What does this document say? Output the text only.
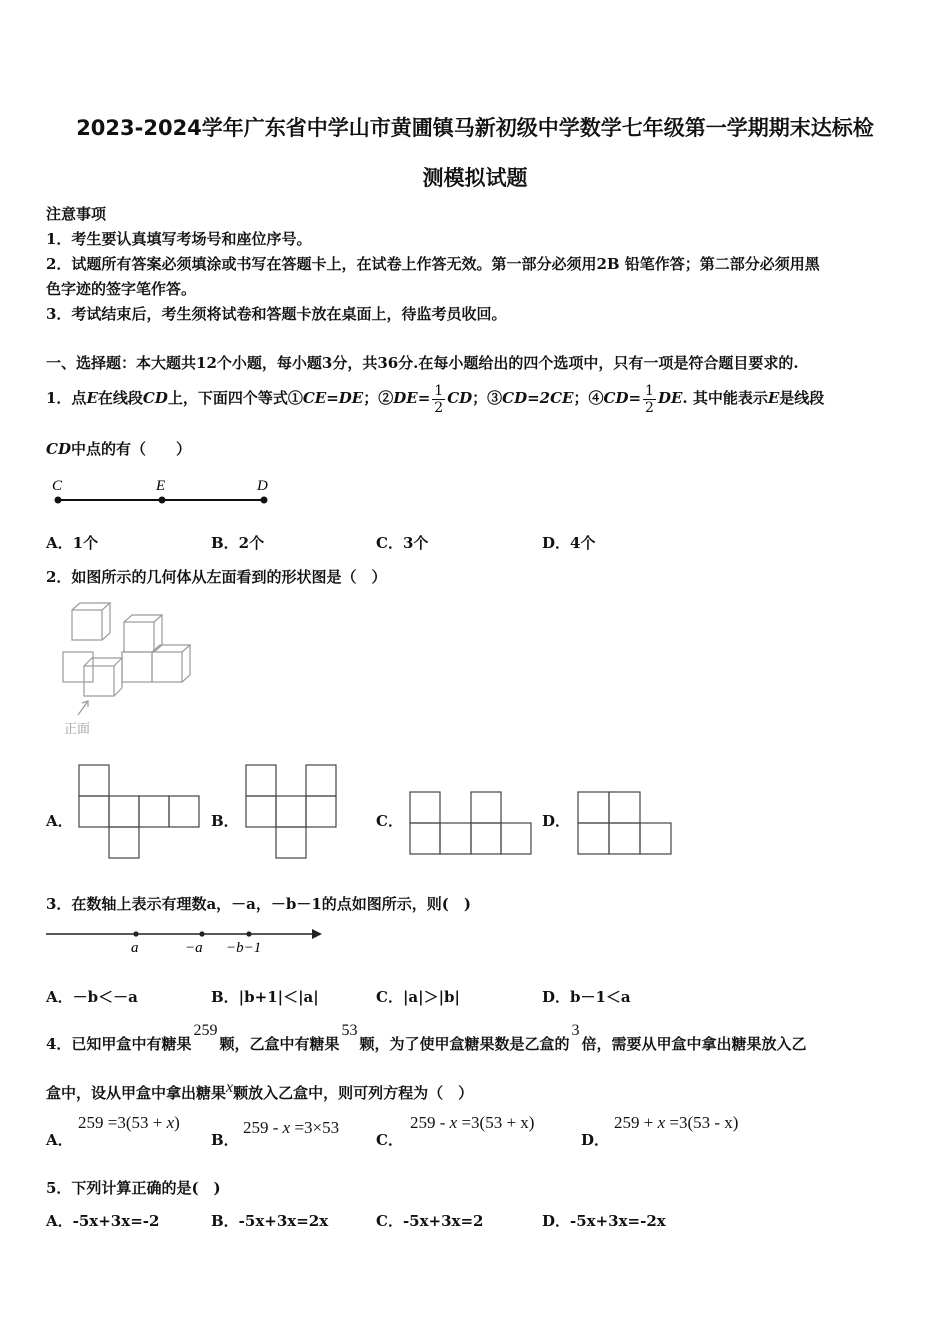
2023-2024学年广东省中学山市黄圃镇马新初级中学数学七年级第一学期期末达标检
测模拟试题
注意事项
1．考生要认真填写考场号和座位序号。
2．试题所有答案必须填涂或书写在答题卡上，在试卷上作答无效。第一部分必须用2B 铅笔作答；第二部分必须用黑
色字迹的签字笔作答。
3．考试结束后，考生须将试卷和答题卡放在桌面上，待监考员收回。
一、选择题：本大题共12个小题，每小题3分，共36分.在每小题给出的四个选项中，只有一项是符合题目要求的.
1．点E在线段CD上，下面四个等式①CE=DE；②DE= $\frac{1}{2}$ CD；③CD=2CE；④CD= $\frac{1}{2}$ DE. 其中能表示E是线段
CD中点的有（　　）
C	E	D
A．1个	B．2个	C．3个	D．4个
2．如图所示的几何体从左面看到的形状图是（　）
正面
A．	B．	C．	D．
3．在数轴上表示有理数a，－a，－b－1的点如图所示，则(　)
a	−a −b−1
A．－b＜－a	B．|b+1|＜|a|	C．|a|＞|b|	D．b－1＜a
4．已知甲盒中有糖果259颗，乙盒中有糖果53颗，为了使甲盒糖果数是乙盒的3倍，需要从甲盒中拿出糖果放入乙
盒中，设从甲盒中拿出糖果x颗放入乙盒中，则可列方程为（　）
A．
259 =3(53 + x)
B．
259 - x =3×53
C．
259 - x =3(53 + x)
D．
259 + x =3(53 - x)
5．下列计算正确的是(　)
A．-5x+3x=-2	B．-5x+3x=2x	C．-5x+3x=2	D．-5x+3x=-2x
